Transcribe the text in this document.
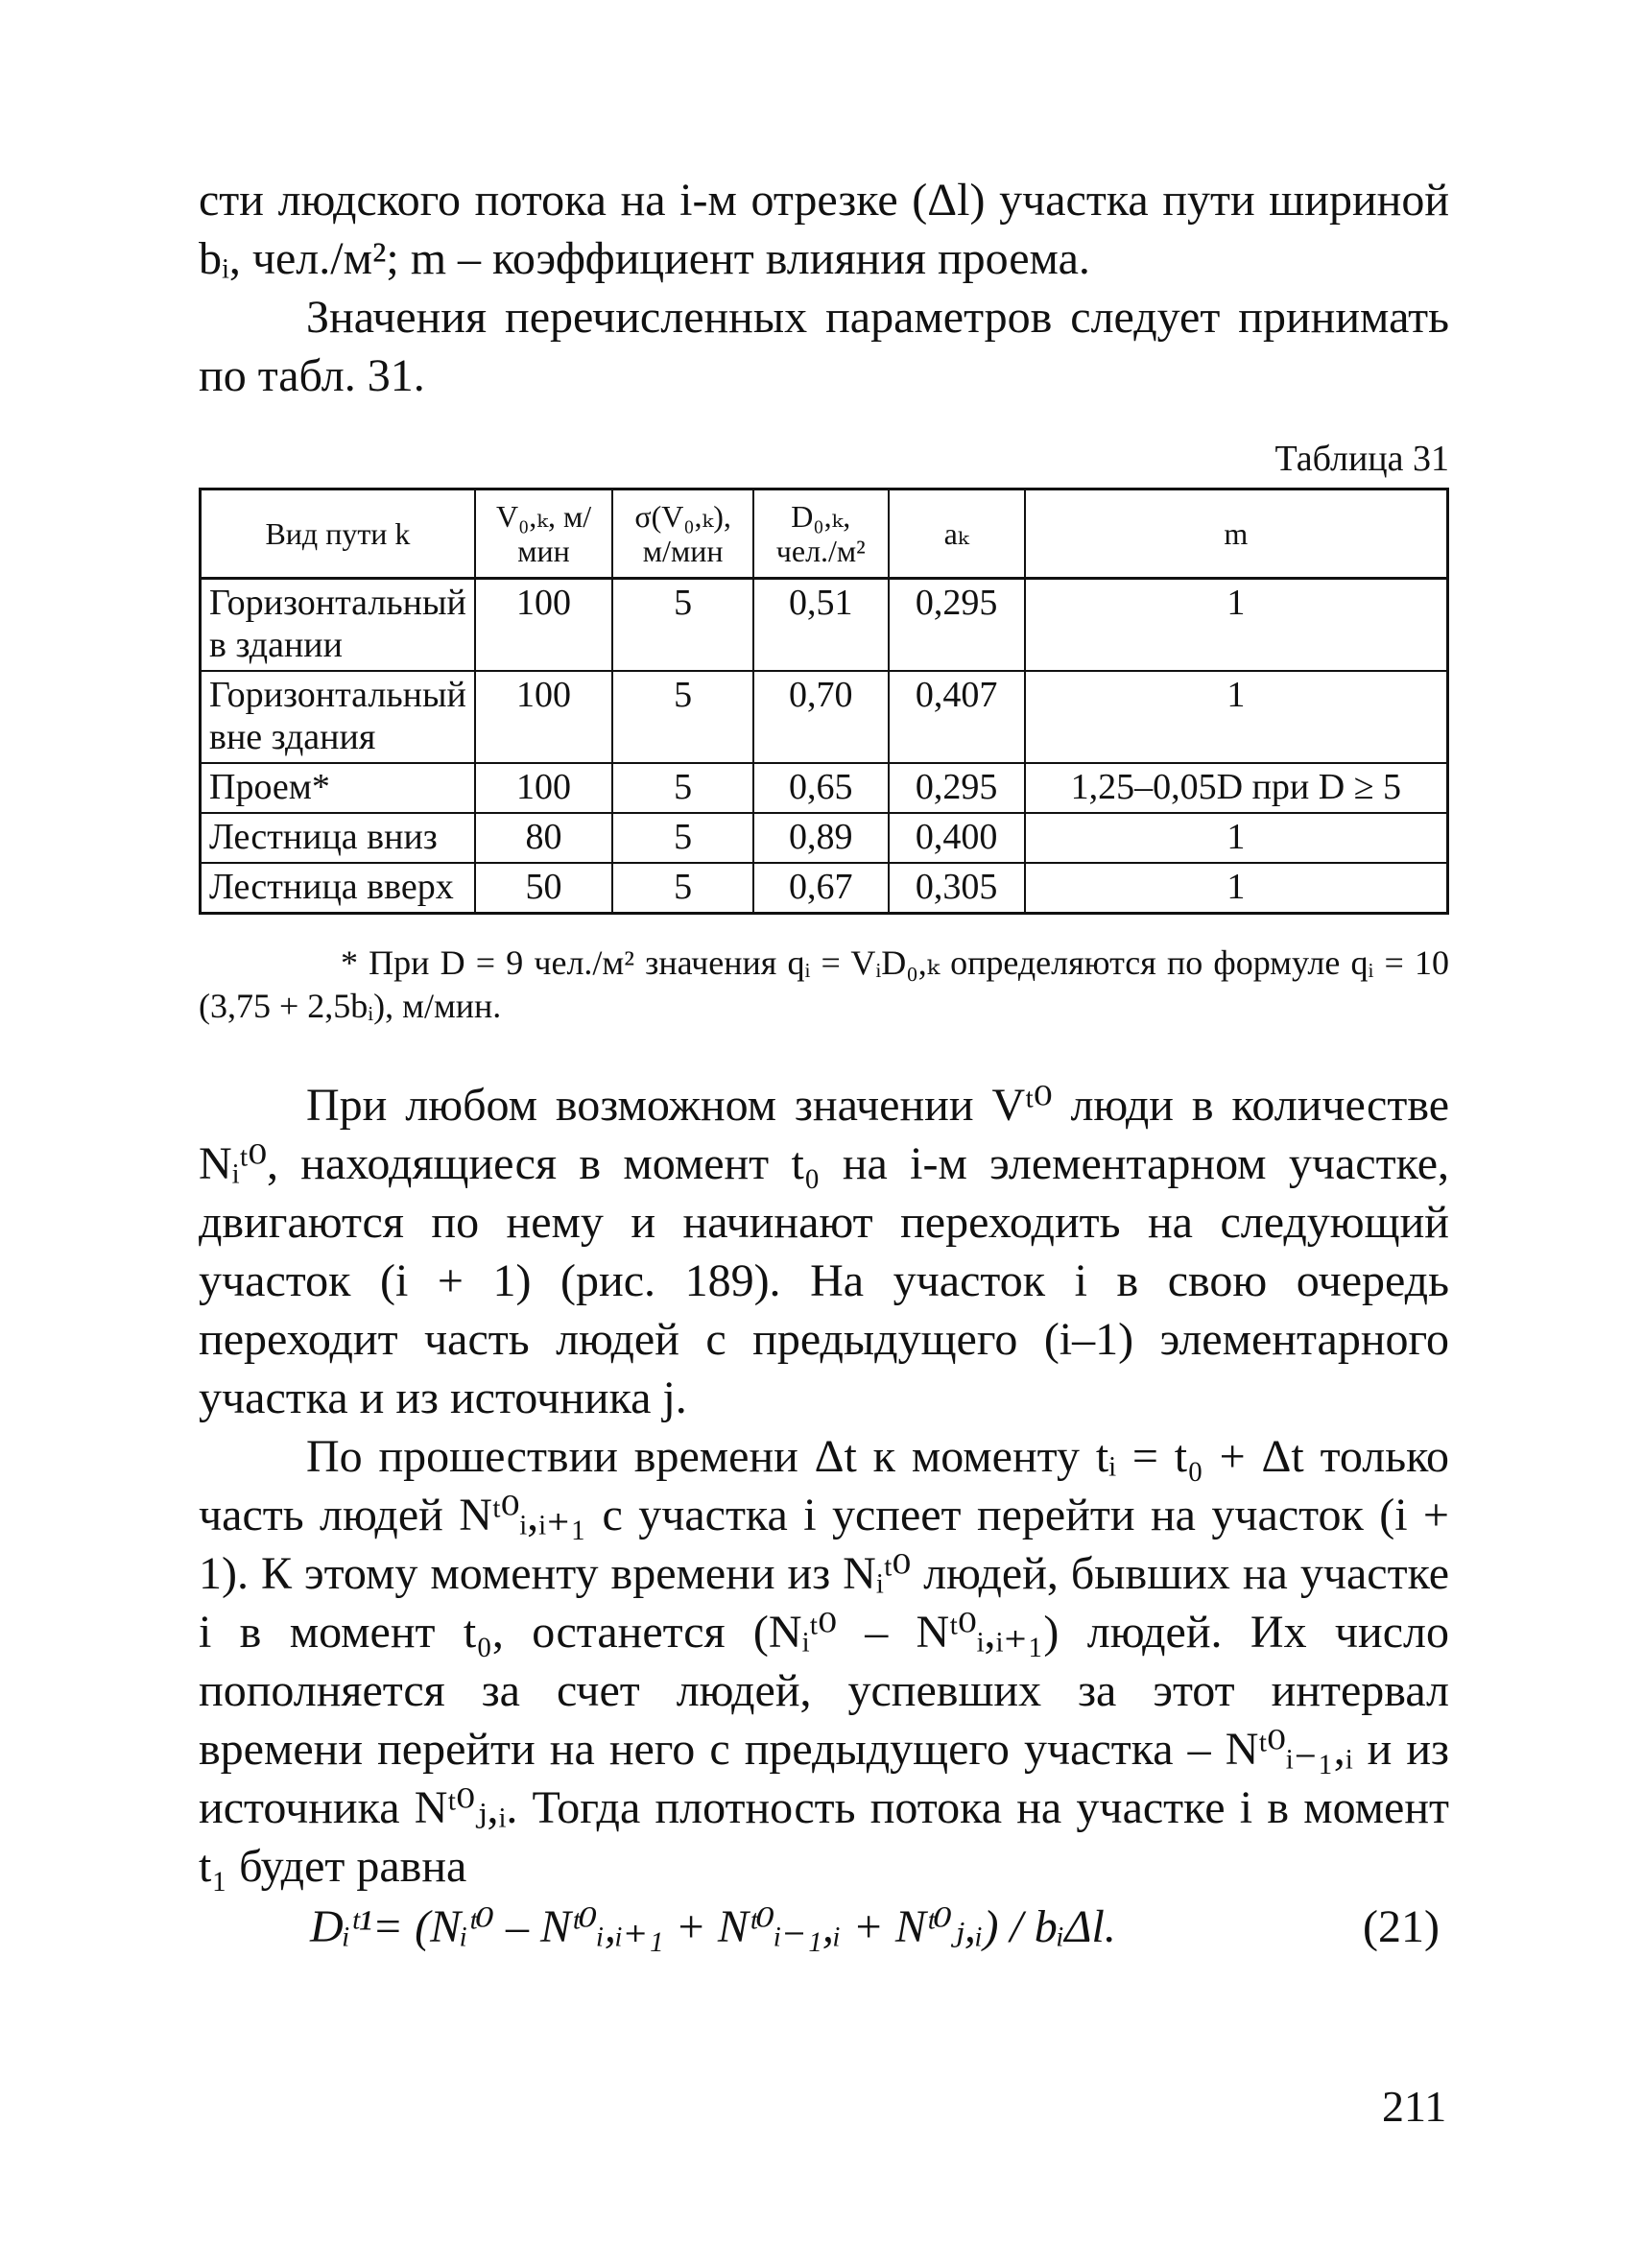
сти людского потока на i-м отрезке (Δl) участка пути шириной bᵢ, чел./м²; m – коэффициент влияния проема.

Значения перечисленных параметров следует принимать по табл. 31.

Таблица 31
Вид пути k	V₀,ₖ, м/мин	σ(V₀,ₖ), м/мин	D₀,ₖ, чел./м²	aₖ	m
Горизонтальный в здании	100	5	0,51	0,295	1
Горизонтальный вне здания	100	5	0,70	0,407	1
Проем*	100	5	0,65	0,295	1,25–0,05D при D ≥ 5
Лестница вниз	80	5	0,89	0,400	1
Лестница вверх	50	5	0,67	0,305	1

* При D = 9 чел./м² значения qᵢ = VᵢD₀,ₖ определяются по формуле qᵢ = 10 (3,75 + 2,5bᵢ), м/мин.

При любом возможном значении Vᵗ⁰ люди в количестве Nᵢᵗ⁰, находящиеся в момент t₀ на i-м элементарном участке, двигаются по нему и начинают переходить на следующий участок (i + 1) (рис. 189). На участок i в свою очередь переходит часть людей с предыдущего (i–1) элементарного участка и из источника j.

По прошествии времени Δt к моменту tᵢ = t₀ + Δt только часть людей Nᵗ⁰ᵢ,ᵢ₊₁ с участка i успеет перейти на участок (i + 1). К этому моменту времени из Nᵢᵗ⁰ людей, бывших на участке i в момент t₀, останется (Nᵢᵗ⁰ – Nᵗ⁰ᵢ,ᵢ₊₁) людей. Их число пополняется за счет людей, успевших за этот интервал времени перейти на него с предыдущего участка – Nᵗ⁰ᵢ₋₁,ᵢ и из источника Nᵗ⁰ⱼ,ᵢ. Тогда плотность потока на участке i в момент t₁ будет равна

Dᵢᵗ¹= (Nᵢᵗ⁰ – Nᵗ⁰ᵢ,ᵢ₊₁ + Nᵗ⁰ᵢ₋₁,ᵢ + Nᵗ⁰ⱼ,ᵢ) / bᵢΔl.	(21)
211
